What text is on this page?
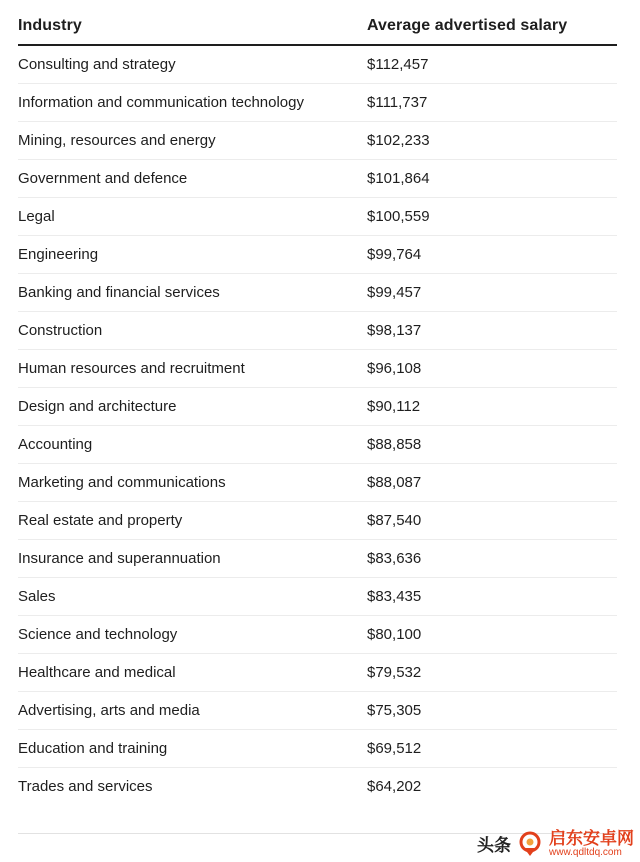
Industry	Average advertised salary
Consulting and strategy	$112,457
Information and communication technology	$111,737
Mining, resources and energy	$102,233
Government and defence	$101,864
Legal	$100,559
Engineering	$99,764
Banking and financial services	$99,457
Construction	$98,137
Human resources and recruitment	$96,108
Design and architecture	$90,112
Accounting	$88,858
Marketing and communications	$88,087
Real estate and property	$87,540
Insurance and superannuation	$83,636
Sales	$83,435
Science and technology	$80,100
Healthcare and medical	$79,532
Advertising, arts and media	$75,305
Education and training	$69,512
Trades and services	$64,202
头条 启东安卓网
www.qdltdq.com
